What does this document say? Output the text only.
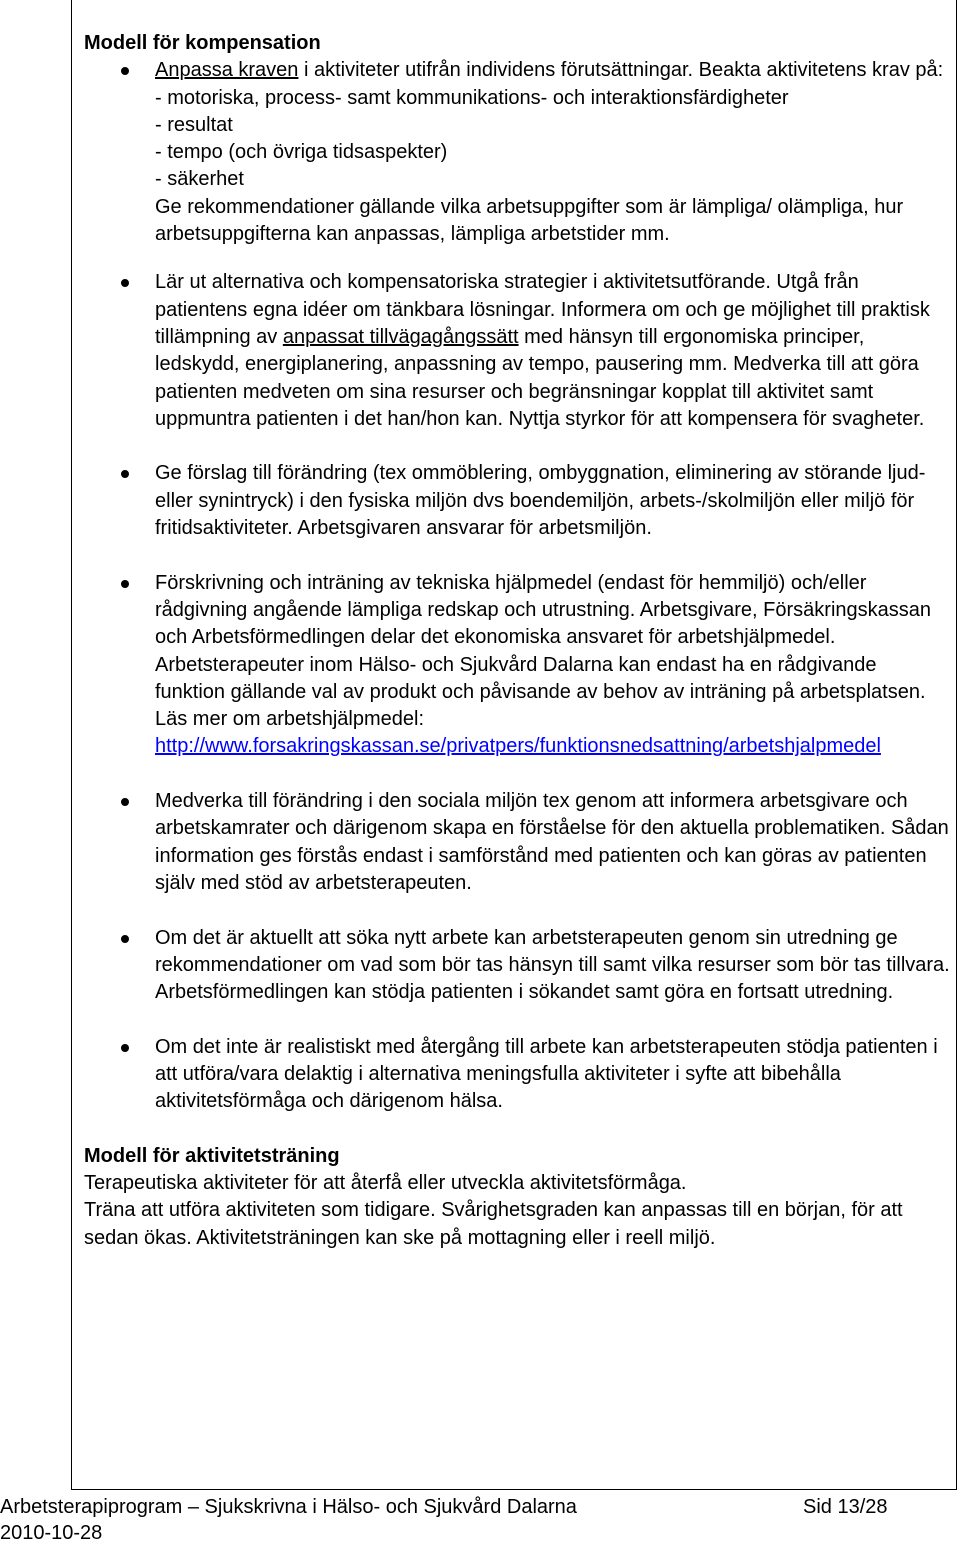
Modell för kompensation

Anpassa kraven i aktiviteter utifrån individens förutsättningar. Beakta aktivitetens krav på:
- motoriska, process- samt kommunikations- och interaktionsfärdigheter
- resultat
- tempo (och övriga tidsaspekter)
- säkerhet
Ge rekommendationer gällande vilka arbetsuppgifter som är lämpliga/ olämpliga, hur arbetsuppgifterna kan anpassas, lämpliga arbetstider mm.
Lär ut alternativa och kompensatoriska strategier i aktivitetsutförande. Utgå från patientens egna idéer om tänkbara lösningar. Informera om och ge möjlighet till praktisk tillämpning av anpassat tillvägagångssätt med hänsyn till ergonomiska principer, ledskydd, energiplanering, anpassning av tempo, pausering mm. Medverka till att göra patienten medveten om sina resurser och begränsningar kopplat till aktivitet samt uppmuntra patienten i det han/hon kan. Nyttja styrkor för att kompensera för svagheter.
Ge förslag till förändring (tex ommöblering, ombyggnation, eliminering av störande ljud- eller synintryck) i den fysiska miljön dvs boendemiljön, arbets-/skolmiljön eller miljö för fritidsaktiviteter. Arbetsgivaren ansvarar för arbetsmiljön.
Förskrivning och inträning av tekniska hjälpmedel (endast för hemmiljö) och/eller rådgivning angående lämpliga redskap och utrustning. Arbetsgivare, Försäkringskassan och Arbetsförmedlingen delar det ekonomiska ansvaret för arbetshjälpmedel. Arbetsterapeuter inom Hälso- och Sjukvård Dalarna kan endast ha en rådgivande funktion gällande val av produkt och påvisande av behov av inträning på arbetsplatsen.
Läs mer om arbetshjälpmedel:
http://www.forsakringskassan.se/privatpers/funktionsnedsattning/arbetshjalpmedel
Medverka till förändring i den sociala miljön tex genom att informera arbetsgivare och arbetskamrater och därigenom skapa en förståelse för den aktuella problematiken. Sådan information ges förstås endast i samförstånd med patienten och kan göras av patienten själv med stöd av arbetsterapeuten.
Om det är aktuellt att söka nytt arbete kan arbetsterapeuten genom sin utredning ge rekommendationer om vad som bör tas hänsyn till samt vilka resurser som bör tas tillvara. Arbetsförmedlingen kan stödja patienten i sökandet samt göra en fortsatt utredning.
Om det inte är realistiskt med återgång till arbete kan arbetsterapeuten stödja patienten i att utföra/vara delaktig i alternativa meningsfulla aktiviteter i syfte att bibehålla aktivitetsförmåga och därigenom hälsa.

Modell för aktivitetsträning

Terapeutiska aktiviteter för att återfå eller utveckla aktivitetsförmåga.
Träna att utföra aktiviteten som tidigare. Svårighetsgraden kan anpassas till en början, för att sedan ökas. Aktivitetsträningen kan ske på mottagning eller i reell miljö.
Arbetsterapiprogram – Sjukskrivna i Hälso- och Sjukvård Dalarna	Sid 13/28
2010-10-28
